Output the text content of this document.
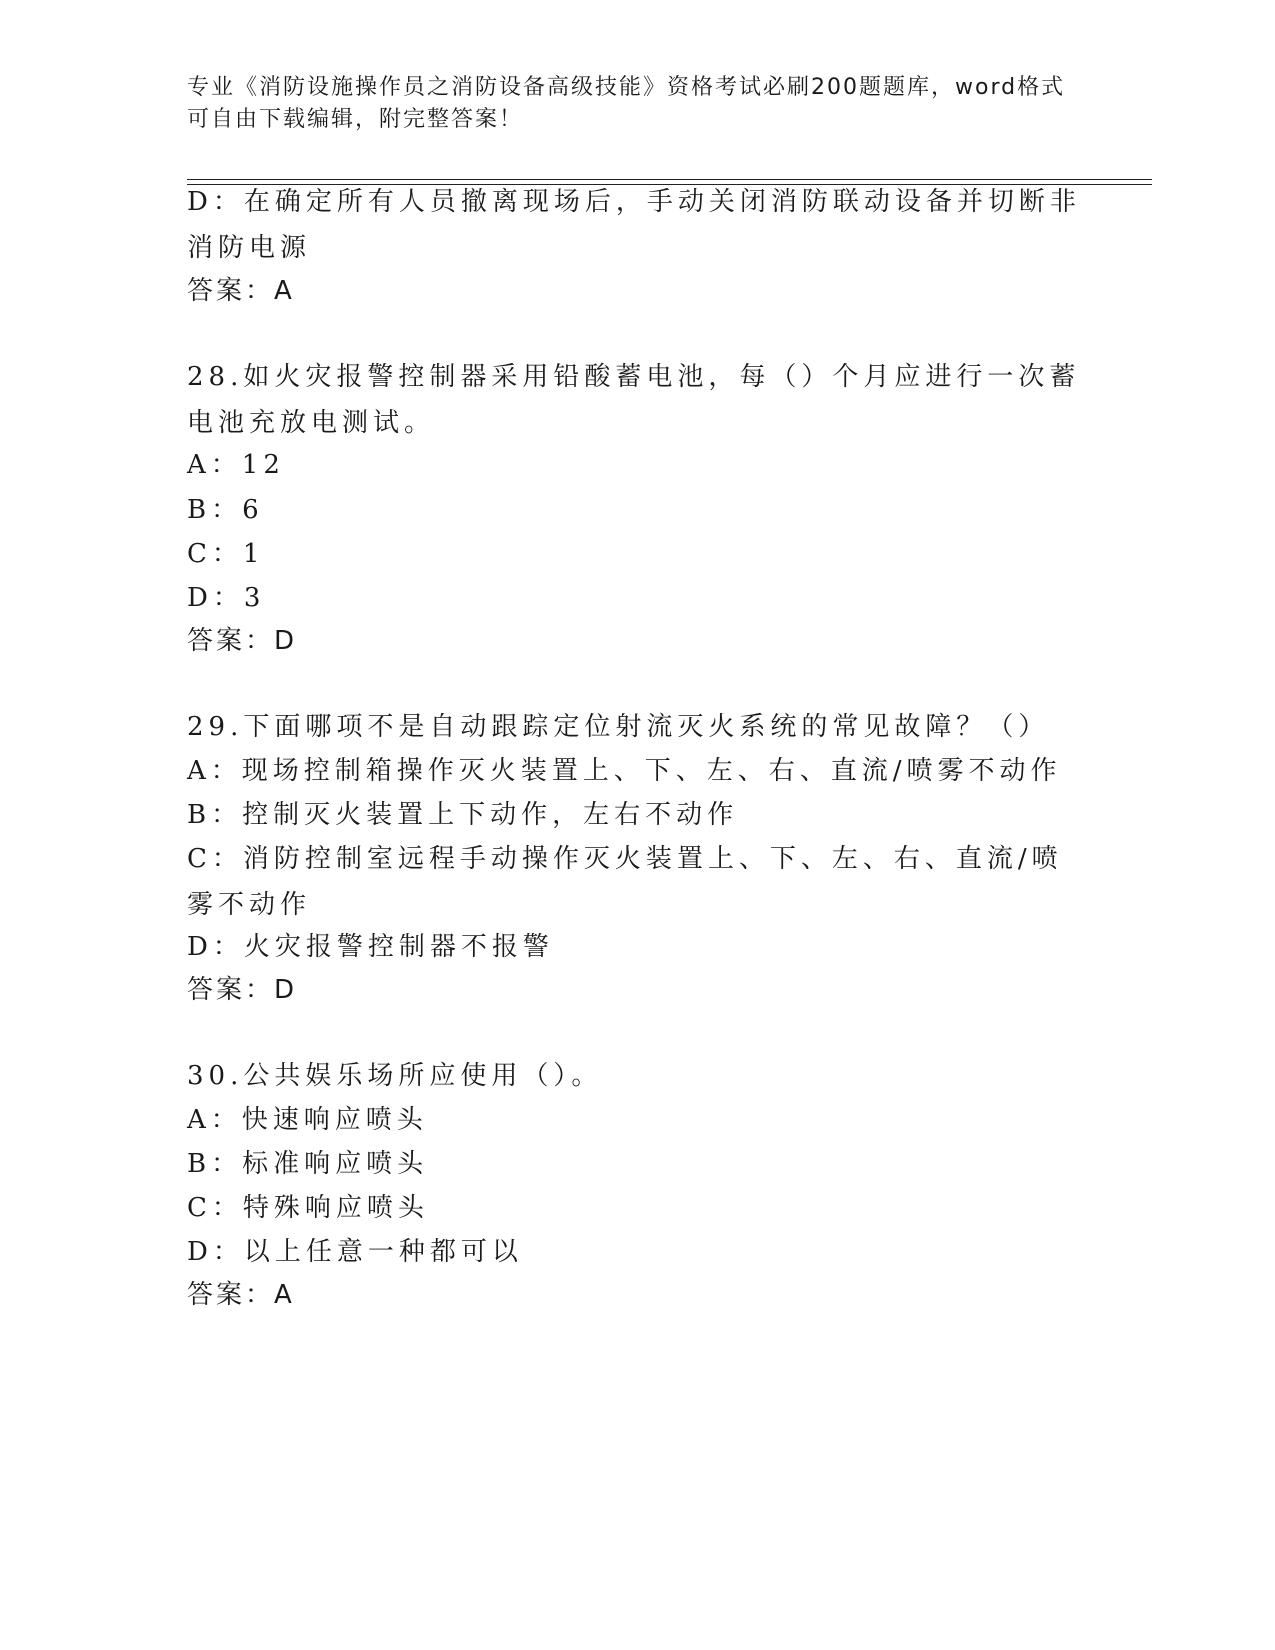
专业《消防设施操作员之消防设备高级技能》资格考试必刷200题题库，word格式可自由下载编辑，附完整答案！

D：在确定所有人员撤离现场后，手动关闭消防联动设备并切断非消防电源

答案：A

28.如火灾报警控制器采用铅酸蓄电池，每（）个月应进行一次蓄电池充放电测试。

A：12

B：6

C：1

D：3

答案：D

29.下面哪项不是自动跟踪定位射流灭火系统的常见故障？（）

A：现场控制箱操作灭火装置上、下、左、右、直流/喷雾不动作

B：控制灭火装置上下动作，左右不动作

C：消防控制室远程手动操作灭火装置上、下、左、右、直流/喷雾不动作

D：火灾报警控制器不报警

答案：D

30.公共娱乐场所应使用（）。

A：快速响应喷头

B：标准响应喷头

C：特殊响应喷头

D：以上任意一种都可以

答案：A
